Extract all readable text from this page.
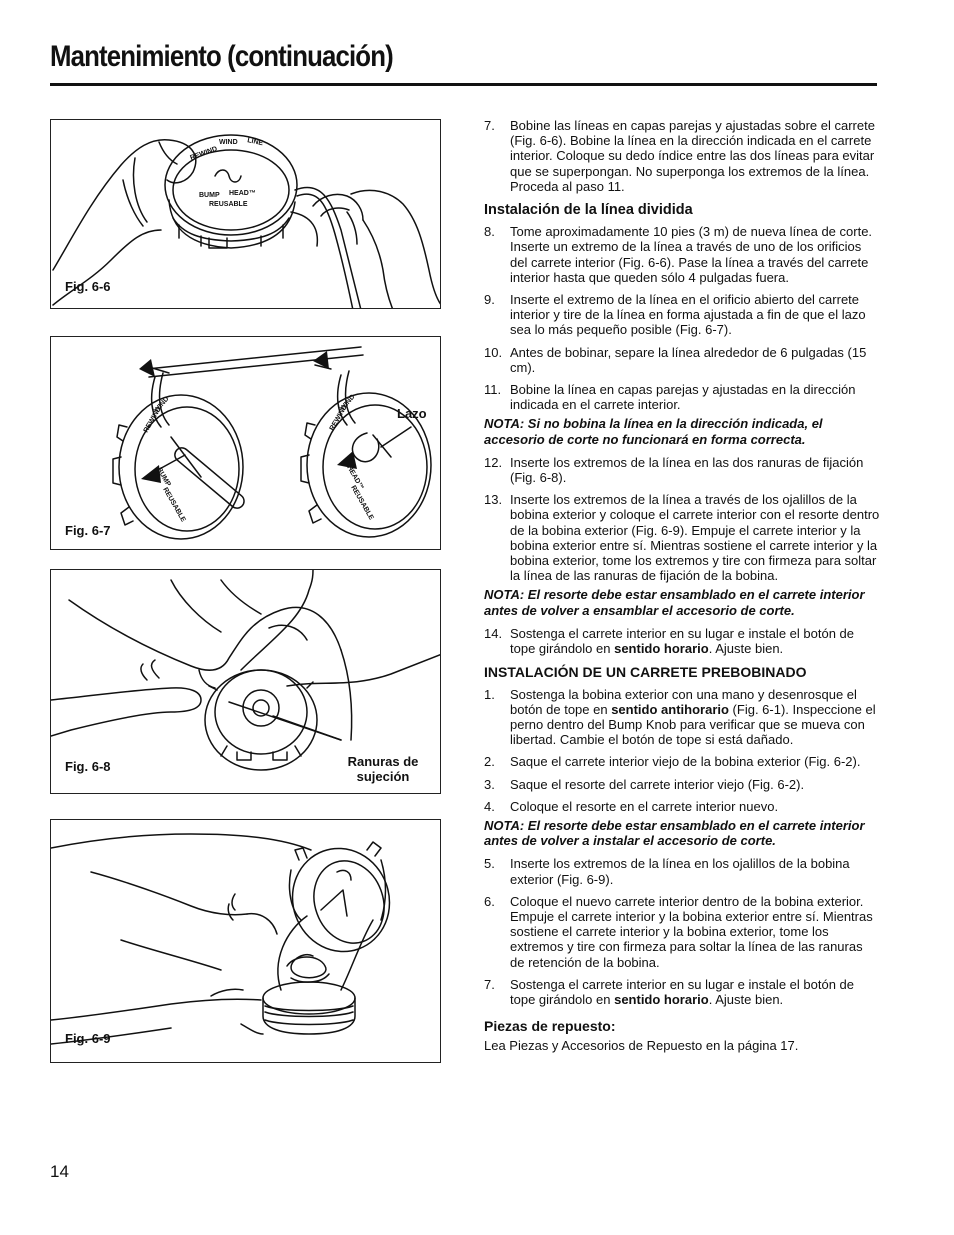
Mantenimiento (continuación)
REWIND
WIND LINE
BUMP HEAD™
REUSABLE
Fig. 6-6
REWIND
WIND
BUMP
REUSABLE
REWIND
WIND
HEAD™
REUSABLE
Lazo
Fig. 6-7
Ranuras de sujeción
Fig. 6-8
Fig. 6-9
7. Bobine las líneas en capas parejas y ajustadas sobre el carrete (Fig. 6-6). Bobine la línea en la dirección indicada en el carrete interior. Coloque su dedo índice entre las dos líneas para evitar que se superpongan. No superponga los extremos de la línea. Proceda al paso 11.
Instalación de la línea dividida
8. Tome aproximadamente 10 pies (3 m) de nueva línea de corte. Inserte un extremo de la línea a través de uno de los orificios del carrete interior (Fig. 6-6). Pase la línea a través del carrete interior hasta que queden sólo 4 pulgadas fuera.
9. Inserte el extremo de la línea en el orificio abierto del carrete interior y tire de la línea en forma ajustada a fin de que el lazo sea lo más pequeño posible (Fig. 6-7).
10. Antes de bobinar, separe la línea alrededor de 6 pulgadas (15 cm).
11. Bobine la línea en capas parejas y ajustadas en la dirección indicada en el carrete interior.
NOTA: Si no bobina la línea en la dirección indicada, el accesorio de corte no funcionará en forma correcta.
12. Inserte los extremos de la línea en las dos ranuras de fijación (Fig. 6-8).
13. Inserte los extremos de la línea a través de los ojalillos de la bobina exterior y coloque el carrete interior con el resorte dentro de la bobina exterior (Fig. 6-9). Empuje el carrete interior y la bobina exterior entre sí. Mientras sostiene el carrete interior y la bobina exterior, tome los extremos y tire con firmeza para soltar la línea de las ranuras de fijación de la bobina.
NOTA: El resorte debe estar ensamblado en el carrete interior antes de volver a ensamblar el accesorio de corte.
14. Sostenga el carrete interior en su lugar e instale el botón de tope girándolo en sentido horario. Ajuste bien.
INSTALACIÓN DE UN CARRETE PREBOBINADO
1. Sostenga la bobina exterior con una mano y desenrosque el botón de tope en sentido antihorario (Fig. 6-1). Inspeccione el perno dentro del Bump Knob para verificar que se mueva con libertad. Cambie el botón de tope si está dañado.
2. Saque el carrete interior viejo de la bobina exterior (Fig. 6-2).
3. Saque el resorte del carrete interior viejo (Fig. 6-2).
4. Coloque el resorte en el carrete interior nuevo.
NOTA: El resorte debe estar ensamblado en el carrete interior antes de volver a instalar el accesorio de corte.
5. Inserte los extremos de la línea en los ojalillos de la bobina exterior (Fig. 6-9).
6. Coloque el nuevo carrete interior dentro de la bobina exterior. Empuje el carrete interior y la bobina exterior entre sí. Mientras sostiene el carrete interior y la bobina exterior, tome los extremos y tire con firmeza para soltar la línea de las ranuras de retención de la bobina.
7. Sostenga el carrete interior en su lugar e instale el botón de tope girándolo en sentido horario. Ajuste bien.
Piezas de repuesto:

Lea Piezas y Accesorios de Repuesto en la página 17.

14
